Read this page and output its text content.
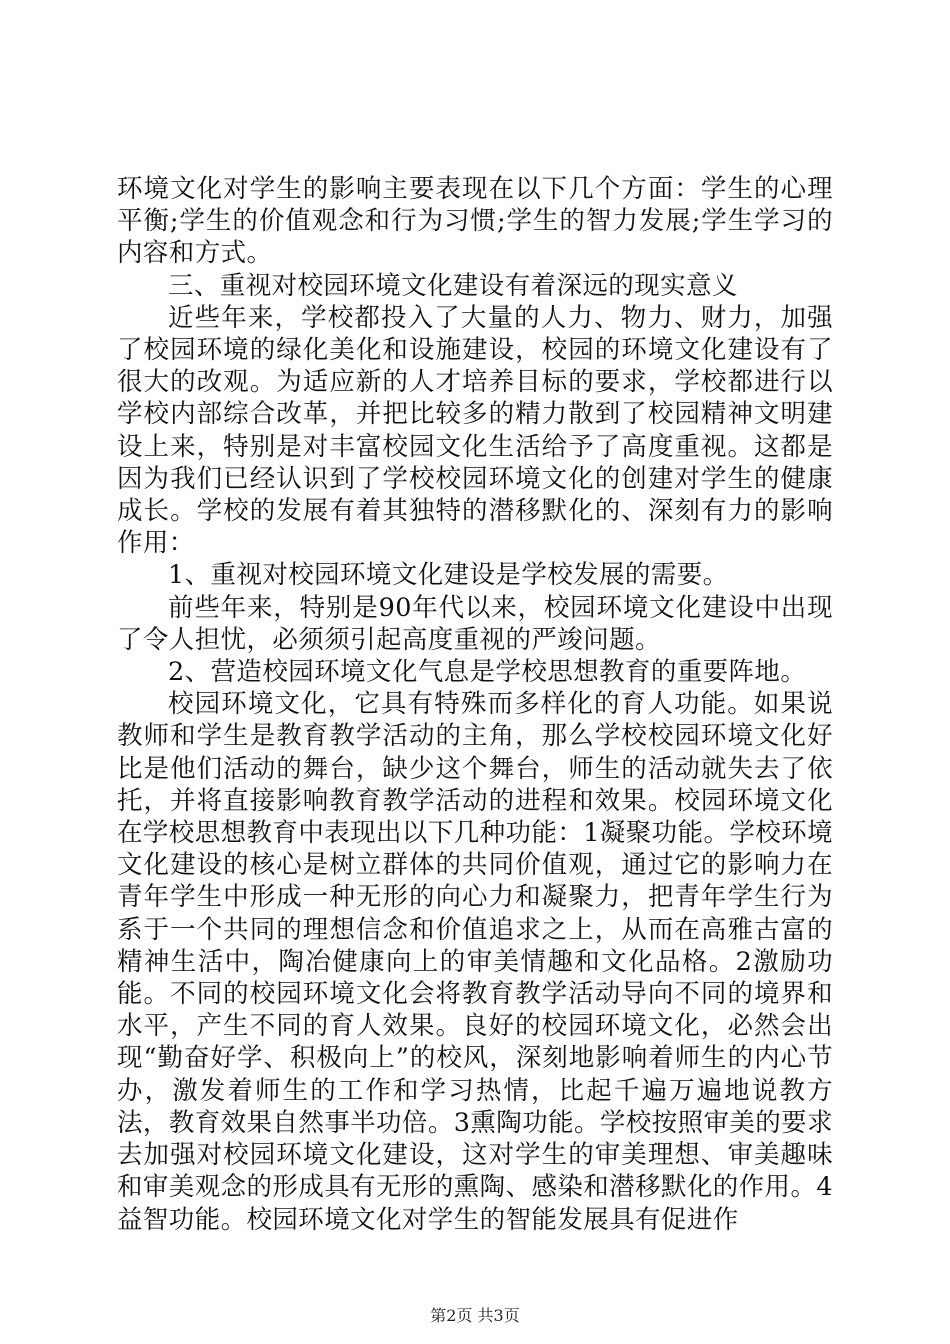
环境文化对学生的影响主要表现在以下几个方面：学生的心理平衡;学生的价值观念和行为习惯;学生的智力发展;学生学习的内容和方式。

三、重视对校园环境文化建设有着深远的现实意义

近些年来，学校都投入了大量的人力、物力、财力，加强了校园环境的绿化美化和设施建设，校园的环境文化建设有了很大的改观。为适应新的人才培养目标的要求，学校都进行以学校内部综合改革，并把比较多的精力散到了校园精神文明建设上来，特别是对丰富校园文化生活给予了高度重视。这都是因为我们已经认识到了学校校园环境文化的创建对学生的健康成长。学校的发展有着其独特的潜移默化的、深刻有力的影响作用：

1、重视对校园环境文化建设是学校发展的需要。

前些年来，特别是90年代以来，校园环境文化建设中出现了令人担忧，必须须引起高度重视的严竣问题。

2、营造校园环境文化气息是学校思想教育的重要阵地。

校园环境文化，它具有特殊而多样化的育人功能。如果说教师和学生是教育教学活动的主角，那么学校校园环境文化好比是他们活动的舞台，缺少这个舞台，师生的活动就失去了依托，并将直接影响教育教学活动的进程和效果。校园环境文化在学校思想教育中表现出以下几种功能：1凝聚功能。学校环境文化建设的核心是树立群体的共同价值观，通过它的影响力在青年学生中形成一种无形的向心力和凝聚力，把青年学生行为系于一个共同的理想信念和价值追求之上，从而在高雅古富的精神生活中，陶冶健康向上的审美情趣和文化品格。2激励功能。不同的校园环境文化会将教育教学活动导向不同的境界和水平，产生不同的育人效果。良好的校园环境文化，必然会出现“勤奋好学、积极向上”的校风，深刻地影响着师生的内心节办，激发着师生的工作和学习热情，比起千遍万遍地说教方法，教育效果自然事半功倍。3熏陶功能。学校按照审美的要求去加强对校园环境文化建设，这对学生的审美理想、审美趣味和审美观念的形成具有无形的熏陶、感染和潜移默化的作用。4益智功能。校园环境文化对学生的智能发展具有促进作

第2页 共3页
